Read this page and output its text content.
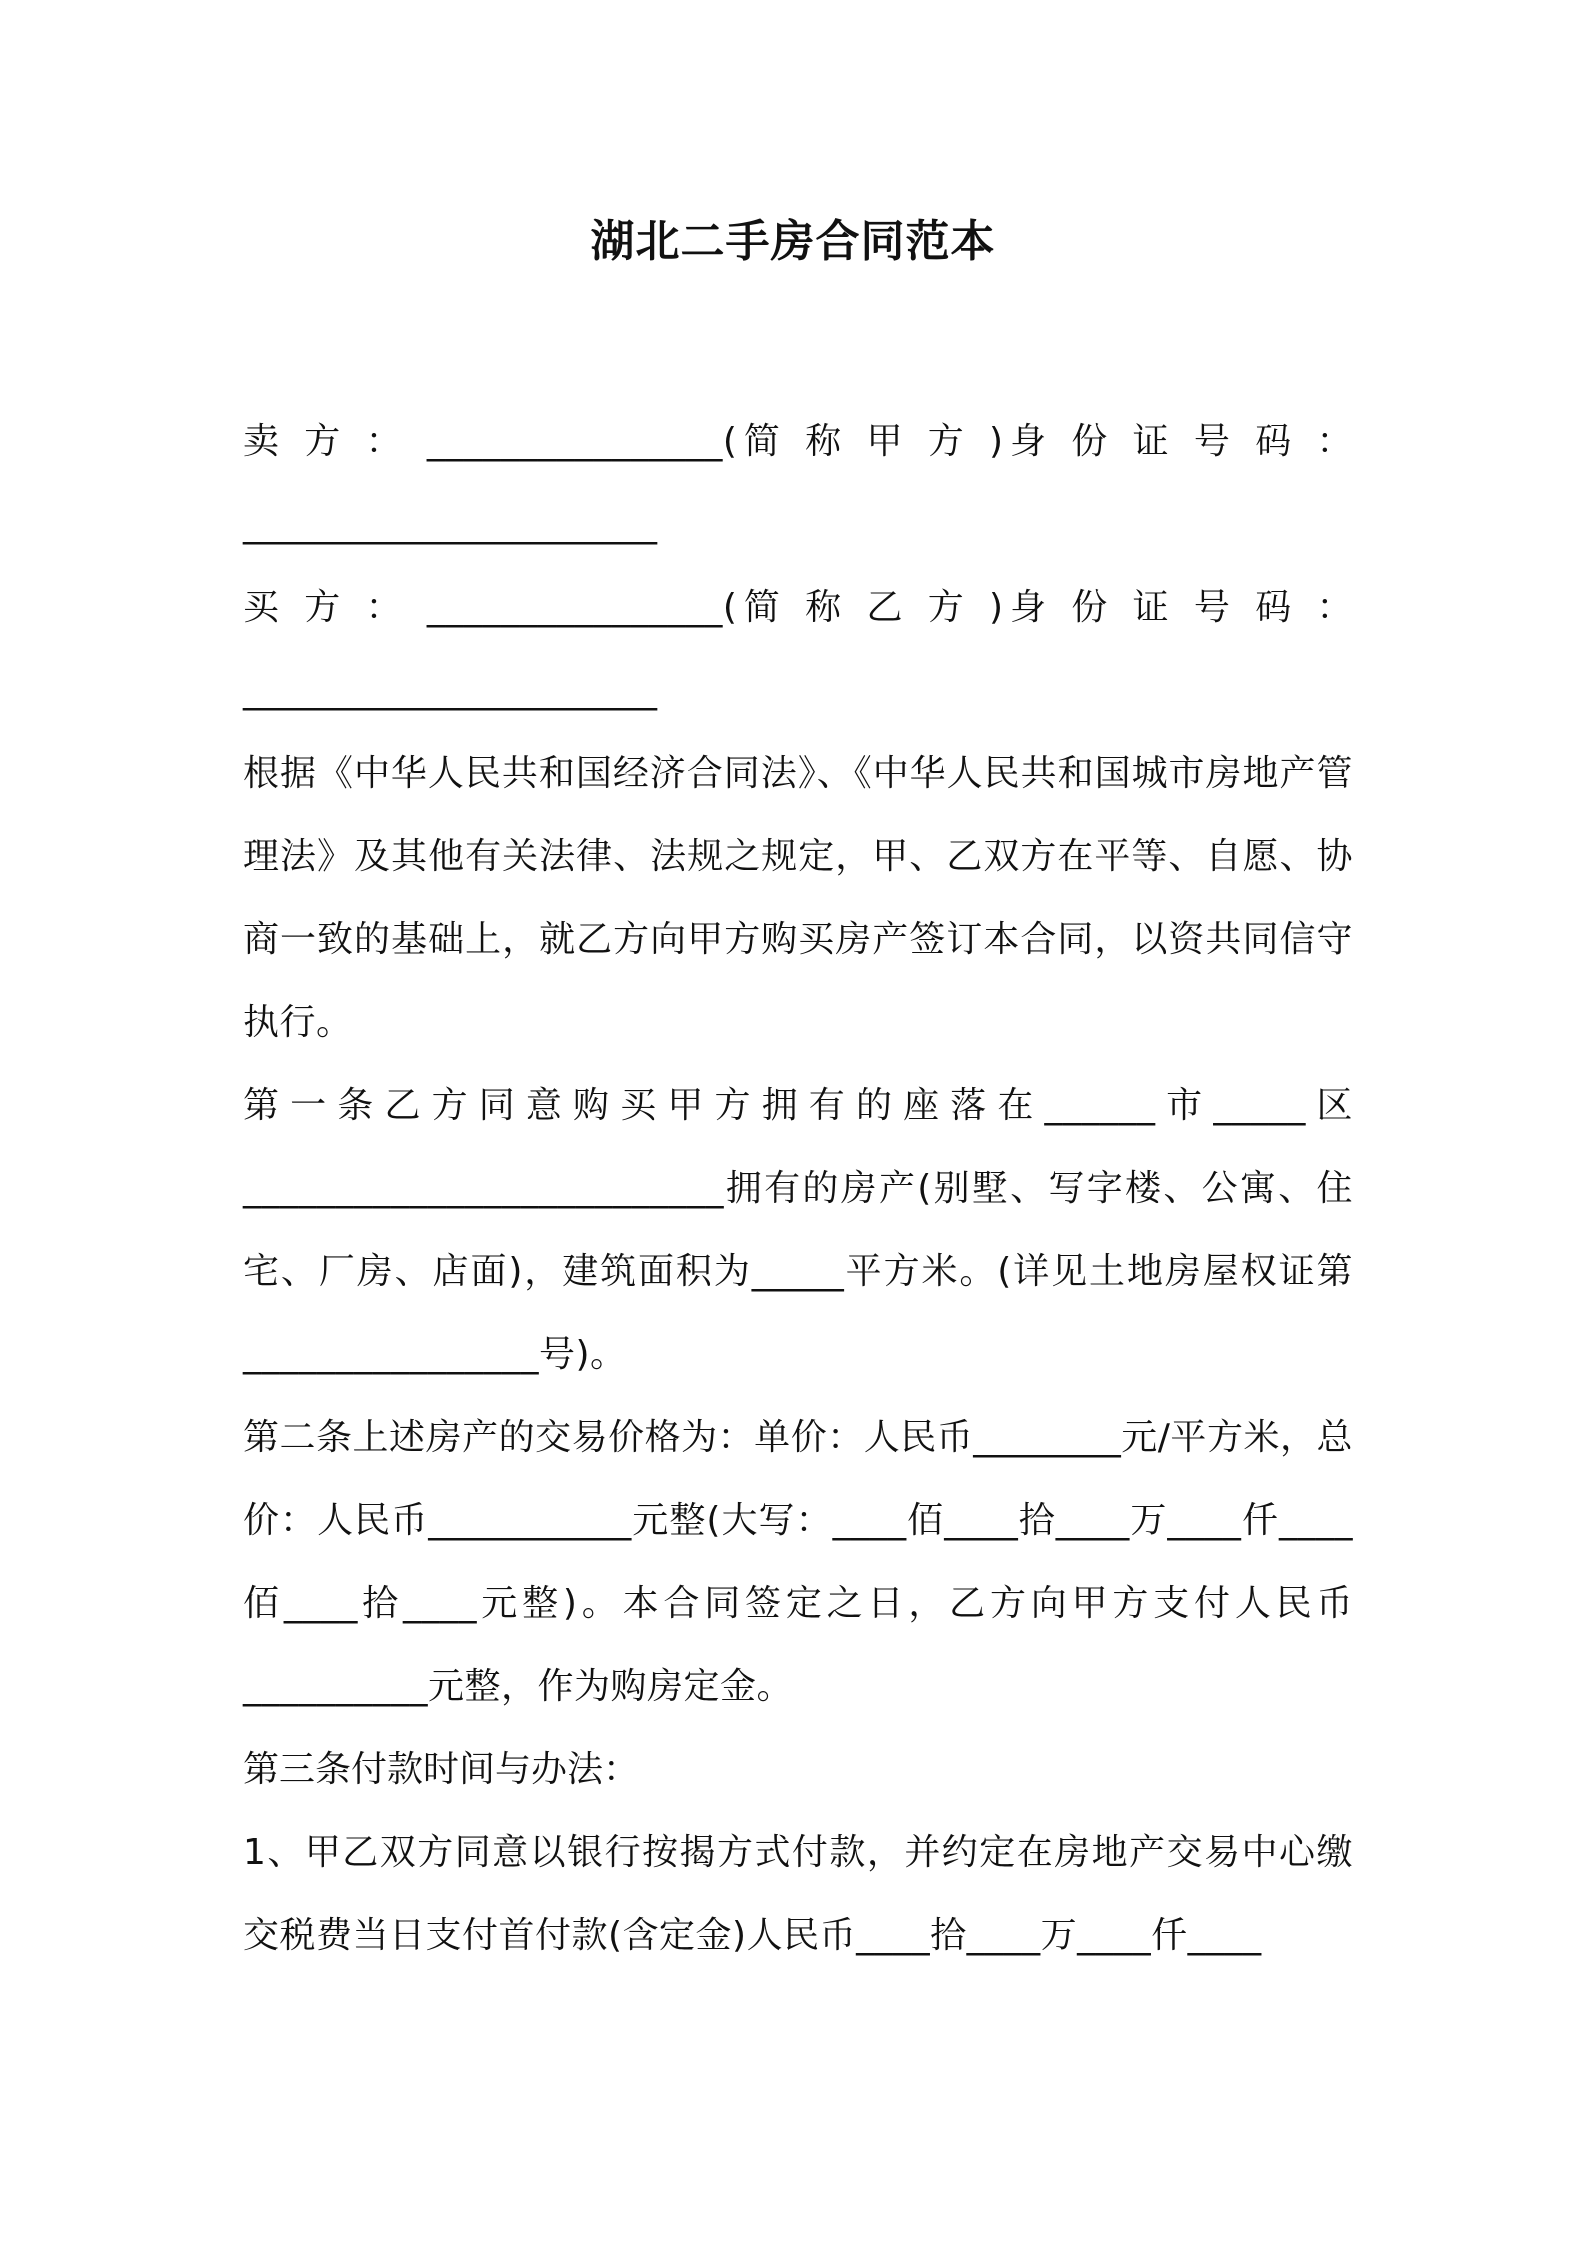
湖北二手房合同范本

卖 方 ： ________________(简 称 甲 方 )身 份 证 号 码 ：

_______________________

买 方 ： ________________(简 称 乙 方 )身 份 证 号 码 ：

_______________________

根据《中华人民共和国经济合同法》、《中华人民共和国城市房地产管理法》及其他有关法律、法规之规定，甲、乙双方在平等、自愿、协商一致的基础上，就乙方向甲方购买房产签订本合同，以资共同信守执行。

第一条乙方同意购买甲方拥有的座落在______市_____区__________________________拥有的房产(别墅、写字楼、公寓、住宅、厂房、店面)，建筑面积为_____平方米。(详见土地房屋权证第________________号)。

第二条上述房产的交易价格为：单价：人民币________元/平方米，总价：人民币___________元整(大写：____佰____拾____万____仟____佰____拾____元整)。本合同签定之日，乙方向甲方支付人民币__________元整，作为购房定金。

第三条付款时间与办法：

1、甲乙双方同意以银行按揭方式付款，并约定在房地产交易中心缴交税费当日支付首付款(含定金)人民币____拾____万____仟____
